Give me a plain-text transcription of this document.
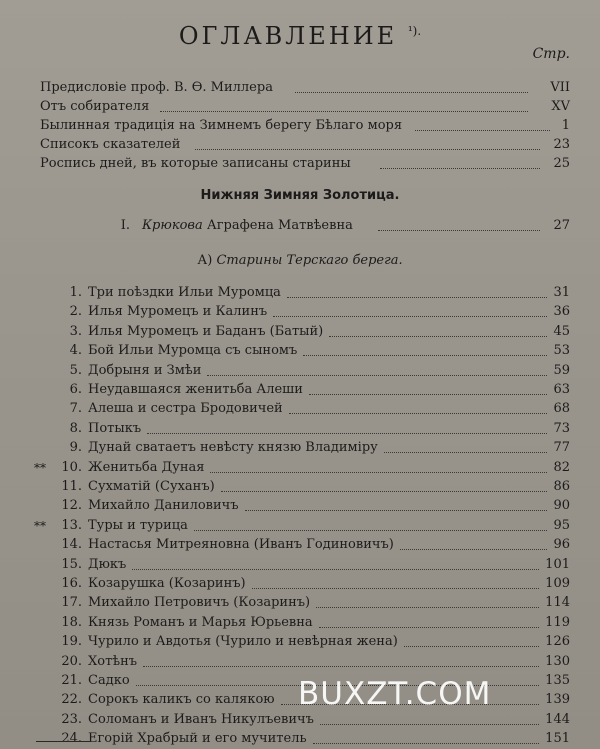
ОГЛАВЛЕНИЕ $^{^1).}$
Стр.
Предисловіе проф. В. Ѳ. Миллера	VII
Отъ собирателя	XV
Былинная традиція на Зимнемъ берегу Бѣлаго моря	1
Списокъ сказателей	23
Роспись дней, въ которые записаны старины	25
Нижняя Зимняя Золотица.
I. Крюкова Аграфена Матвѣевна	27
А) Старины Терскаго берега.
1. Три поѣздки Ильи Муромца	31
2. Илья Муромецъ и Калинъ	36
3. Илья Муромецъ и Баданъ (Батый)	45
4. Бой Ильи Муромца съ сыномъ	53
5. Добрыня и Змѣи	59
6. Неудавшаяся женитьба Алеши	63
7. Алеша и сестра Бродовичей	68
8. Потыкъ	73
9. Дунай сватаетъ невѣсту князю Владиміру	77
**	10. Женитьба Дуная	82
11. Сухматій (Суханъ)	86
12. Михайло Даниловичъ	90
**	13. Туры и турица	95
14. Настасья Митреяновна (Иванъ Годиновичъ)	96
15. Дюкъ	101
16. Козарушка (Козаринъ)	109
17. Михайло Петровичъ (Козаринъ)	114
18. Князь Романъ и Марья Юрьевна	119
19. Чурило и Авдотья (Чурило и невѣрная жена)	126
20. Хотѣнъ	130
21. Садко	135
22. Сорокъ каликъ со калякою	139
23. Соломанъ и Иванъ Никулъевичъ	144
24. Егорій Храбрый и его мучитель	151
BUXZT.COM
